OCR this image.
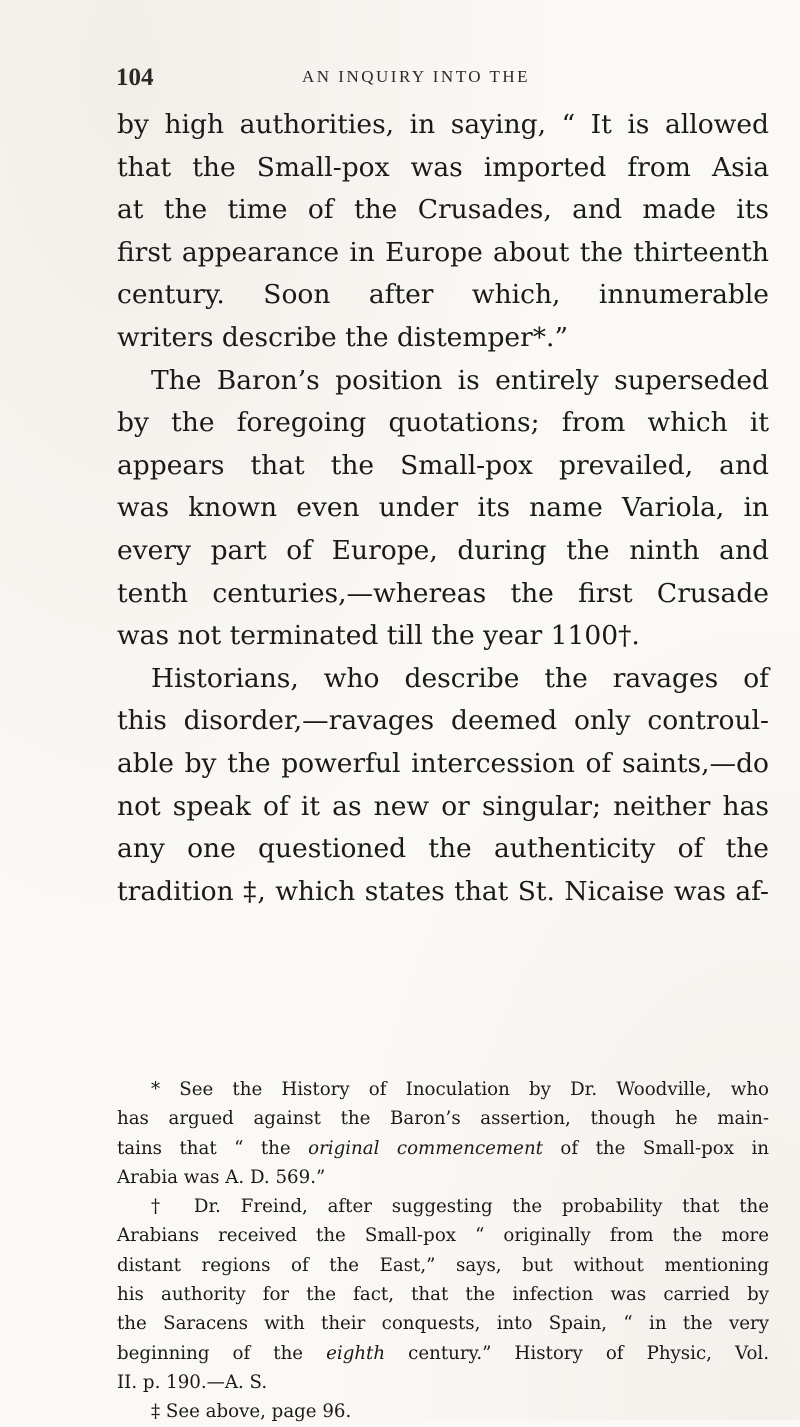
104	AN INQUIRY INTO THE
by high authorities, in saying, “ It is allowed
that the Small-pox was imported from Asia
at the time of the Crusades, and made its
first appearance in Europe about the thirteenth
century. Soon after which, innumerable
writers describe the distemper*.”
The Baron’s position is entirely superseded
by the foregoing quotations; from which it
appears that the Small-pox prevailed, and
was known even under its name Variola, in
every part of Europe, during the ninth and
tenth centuries,—whereas the first Crusade
was not terminated till the year 1100†.
Historians, who describe the ravages of
this disorder,—ravages deemed only controul-
able by the powerful intercession of saints,—do
not speak of it as new or singular; neither has
any one questioned the authenticity of the
tradition ‡, which states that St. Nicaise was af-
* See the History of Inoculation by Dr. Woodville, who
has argued against the Baron’s assertion, though he main-
tains that “ the original commencement of the Small-pox in
Arabia was A. D. 569.”
† Dr. Freind, after suggesting the probability that the
Arabians received the Small-pox “ originally from the more
distant regions of the East,” says, but without mentioning
his authority for the fact, that the infection was carried by
the Saracens with their conquests, into Spain, “ in the very
beginning of the eighth century.” History of Physic, Vol.
II. p. 190.—A. S.
‡ See above, page 96.
